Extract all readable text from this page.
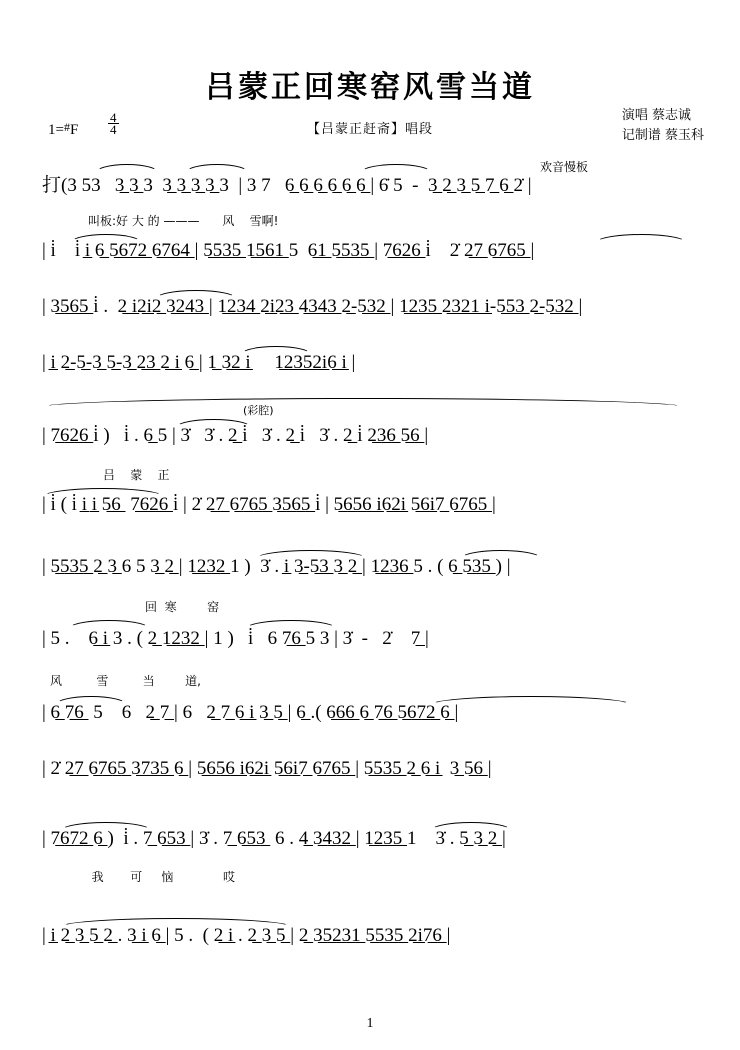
吕蒙正回寒窑风雪当道
【吕蒙正赶斋】唱段
$1=^{\#}F \frac{4}{4}$	演唱 蔡志诚
记制谱 蔡玉科
欢音慢板
(彩腔)

打(3 53   3̲ 3̲ 3  3̲ 3̲ 3̲ 3̲ 3  | 3 7   6̲ 6̲ 6̲ 6̲ 6̲ 6̲ | 6̇ 5  -  3̲ 2̲ 3̲ 5̲ 7̲ 6̲ 2̇ |

叫板:好 大 的 ———      风    雪啊!

| i̇    i̇ i̲ 6̲ 5̲6̲7̲2̲ 6̲7̲6̲4̲ | 5̲5̲3̲5̲ 1̲5̲6̲1̲ 5  6̲1̲ 5̲5̲3̲5̲ | 7̲6̲2̲6̲ i̇    2̇ 2̲7̲ 6̲7̲6̲5̲ |

| 3̲5̲6̲5̲ i̇ .  2̲ i̲2̲i̲2̲ 3̲2̲4̲3̲ | 1̲2̲3̲4̲ 2̲i̲2̲3̲ 4̲3̲4̲3̲ 2̲-5̲3̲2̲ | 1̲2̲3̲5̲ 2̲3̲2̲1̲ i̲-5̲5̲3̲ 2̲-5̲3̲2̲ |

| i̲ 2̲-5̲-3̲ 5̲-3̲ 2̲3̲ 2̲ i̲ 6̲ | 1̲ 3̲2̲ i̲     1̲2̲3̲5̲2̲i̲6̲ i̲ |

| 7̲6̲2̲6̲ i̇ )   i̇ . 6̲ 5 | 3̇   3̇ . 2̲ i̇   3̇ . 2̲ i̇   3̇ . 2̲ i̇ 2̲3̲6̲ 5̲6̲ |

吕    蒙    正

| i̇ ( i̇ i̲ i̲ 5̲6̲  7̲6̲2̲6̲ i̇ | 2̇ 2̲7̲ 6̲7̲6̲5̲ 3̲5̲6̲5̲ i̇ | 5̲6̲5̲6̲ i̲6̲2̲i̲ 5̲6̲i̲7̲ 6̲7̲6̲5̲ |

| 5̲5̲3̲5̲ 2̲ 3̲ 6 5 3̲ 2̲ | 1̲2̲3̲2̲ 1 )  3̇ . i̲ 3̲-5̲3̲ 3̲ 2̲ | 1̲2̲3̲6̲ 5 . ( 6̲ 5̲3̲5̲ ) |

回  寒        窑

| 5 .    6̲ i̲ 3 . ( 2̲ 1̲2̲3̲2̲ | 1 )   i̇   6 7̲6̲ 5 3 | 3̇  -   2̇    7̲ |

风         雪         当        道,

| 6̲ 7̲6̲  5    6   2̲ 7̲ | 6   2̲ 7̲ 6̲ i̲ 3̲ 5̲ | 6̲ .( 6̲6̲6̲ 6̲ 7̲6̲ 5̲6̲7̲2̲ 6̲ |

| 2̇ 2̲7̲ 6̲7̲6̲5̲ 3̲7̲3̲5̲ 6̲ | 5̲6̲5̲6̲ i̲6̲2̲i̲ 5̲6̲i̲7̲ 6̲7̲6̲5̲ | 5̲5̲3̲5̲ 2̲ 6̲ i̲  3̲ 5̲6̲ |

| 7̲6̲7̲2̲ 6̲ )  i̇ . 7̲ 6̲5̲3̲ | 3̇ . 7̲ 6̲5̲3̲  6 . 4̲ 3̲4̲3̲2̲ | 1̲2̲3̲5̲ 1    3̇ . 5̲ 3̲ 2̲ |

我       可     恼             哎

| i̲ 2̲ 3̲ 5̲ 2̲ . 3̲ i̲ 6̲ | 5 .  ( 2̲ i̲ . 2̲ 3̲ 5̲ | 2̲ 3̲5̲2̲3̲1̲ 5̲5̲3̲5̲ 2̲i̲7̲6̲ |

1
